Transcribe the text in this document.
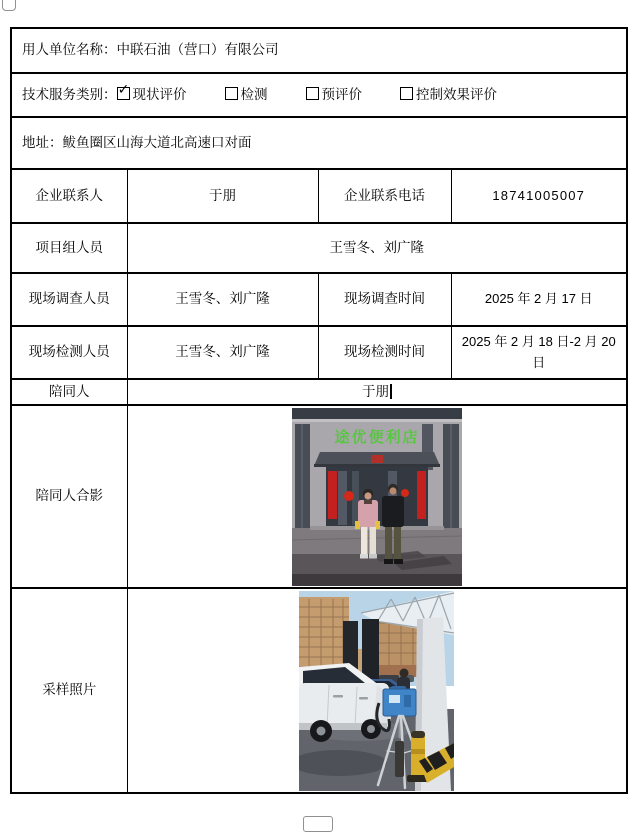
用人单位名称：中联石油（营口）有限公司			
技术服务类别： ✓ 现状评价 检测 预评价 控制效果评价			
地址：鲅鱼圈区山海大道北高速口对面			
企业联系人	于朋	企业联系电话	18741005007
项目组人员	王雪冬、刘广隆		
现场调查人员	王雪冬、刘广隆	现场调查时间	2025 年 2 月 17 日
现场检测人员	王雪冬、刘广隆	现场检测时间	2025 年 2 月 18 日-2 月 20 日
陪同人	于朋		
陪同人合影	途优便利店		

采样照片	
